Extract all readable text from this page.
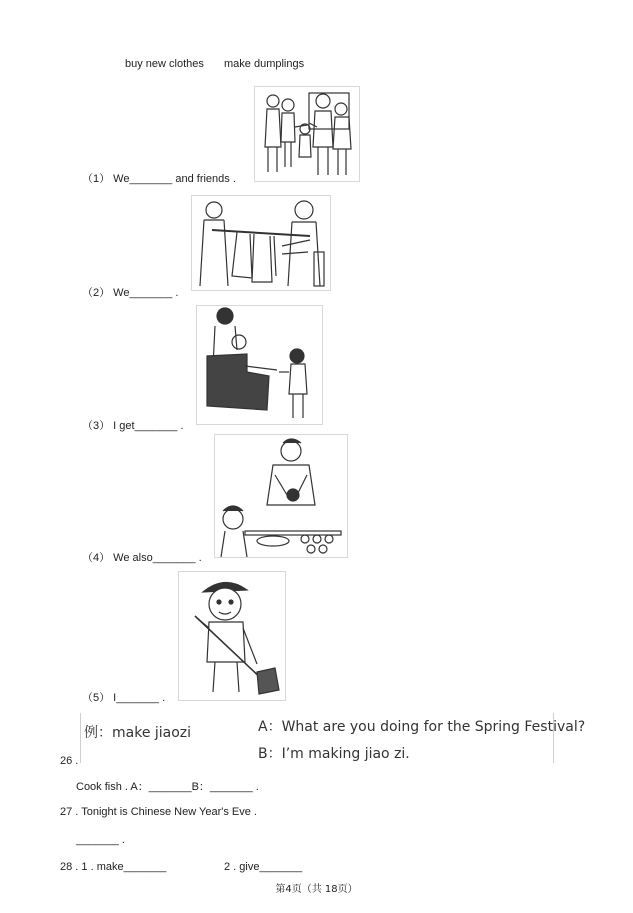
buy new clothes make dumplings
（1） We_______ and friends .
（2） We_______ .
（3） I get_______ .
（4） We also_______ .
（5） I_______ .
例：make jiaozi	A：What are you doing for the Spring Festival?
B：I’m making jiao zi.
26 .
Cook fish . A：_______B：_______ .
27 . Tonight is Chinese New Year's Eve .
_______ .
28 . 1 . make_______	2 . give_______
第4页（共 18页）
